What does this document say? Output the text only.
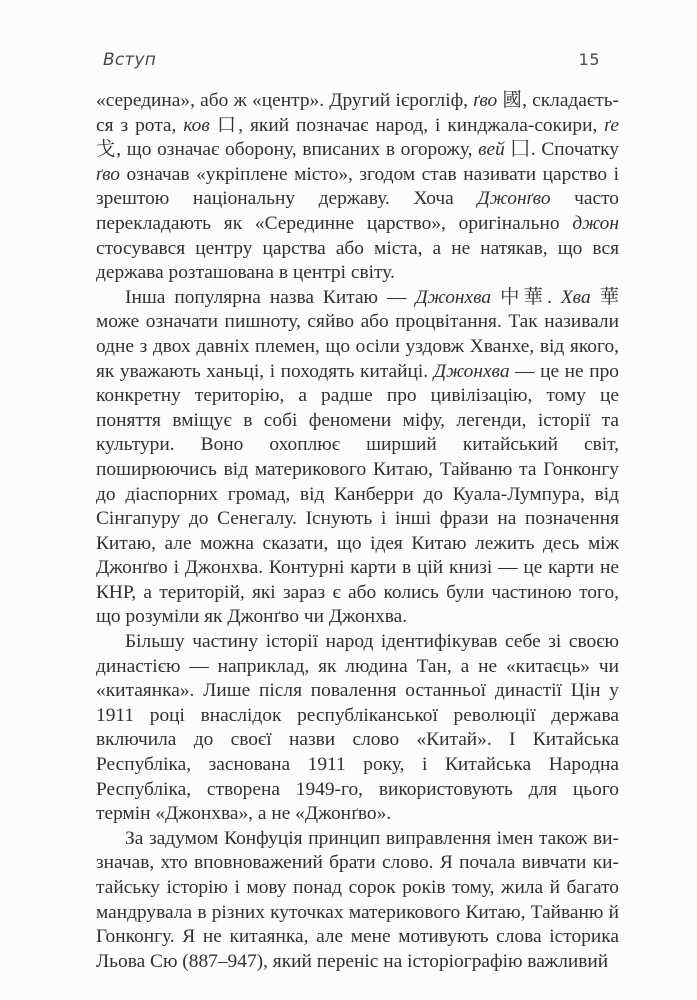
Вступ	15

«середина», або ж «центр». Другий ієрогліф, ґво 國, складається з рота, ков 口, який позначає народ, і кинджала-сокири, ґе 戈, що означає оборону, вписаних в огорожу, вей 囗. Спочатку ґво означав «укріплене місто», згодом став називати царство і зрештою національну державу. Хоча Джонґво часто перекладають як «Серединне царство», оригінально джон стосувався центру царства або міста, а не натякав, що вся держава розташована в центрі світу.

Інша популярна назва Китаю — Джонхва 中華. Хва 華 може означати пишноту, сяйво або процвітання. Так називали одне з двох давніх племен, що осіли уздовж Хванхе, від якого, як уважають ханьці, і походять китайці. Джонхва — це не про конкретну територію, а радше про цивілізацію, тому це поняття вміщує в собі феномени міфу, легенди, історії та культури. Воно охоплює ширший китайський світ, поширюючись від материкового Китаю, Тайваню та Гонконгу до діаспорних громад, від Канберри до Куала-Лумпура, від Сінгапуру до Сенегалу. Існують і інші фрази на позначення Китаю, але можна сказати, що ідея Китаю лежить десь між Джонґво і Джонхва. Контурні карти в цій книзі — це карти не КНР, а територій, які зараз є або колись були частиною того, що розуміли як Джонґво чи Джонхва.

Більшу частину історії народ ідентифікував себе зі своєю династією — наприклад, як людина Тан, а не «китаєць» чи «китаянка». Лише після повалення останньої династії Цін у 1911 році внаслідок республіканської революції держава включила до своєї назви слово «Китай». І Китайська Республіка, заснована 1911 року, і Китайська Народна Республіка, створена 1949-го, використовують для цього термін «Джонхва», а не «Джонґво».

За задумом Конфуція принцип виправлення імен також визначав, хто вповноважений брати слово. Я почала вивчати китайську історію і мову понад сорок років тому, жила й багато мандрувала в різних куточках материкового Китаю, Тайваню й Гонконгу. Я не китаянка, але мене мотивують слова історика Льова Сю (887–947), який переніс на історіографію важливий
